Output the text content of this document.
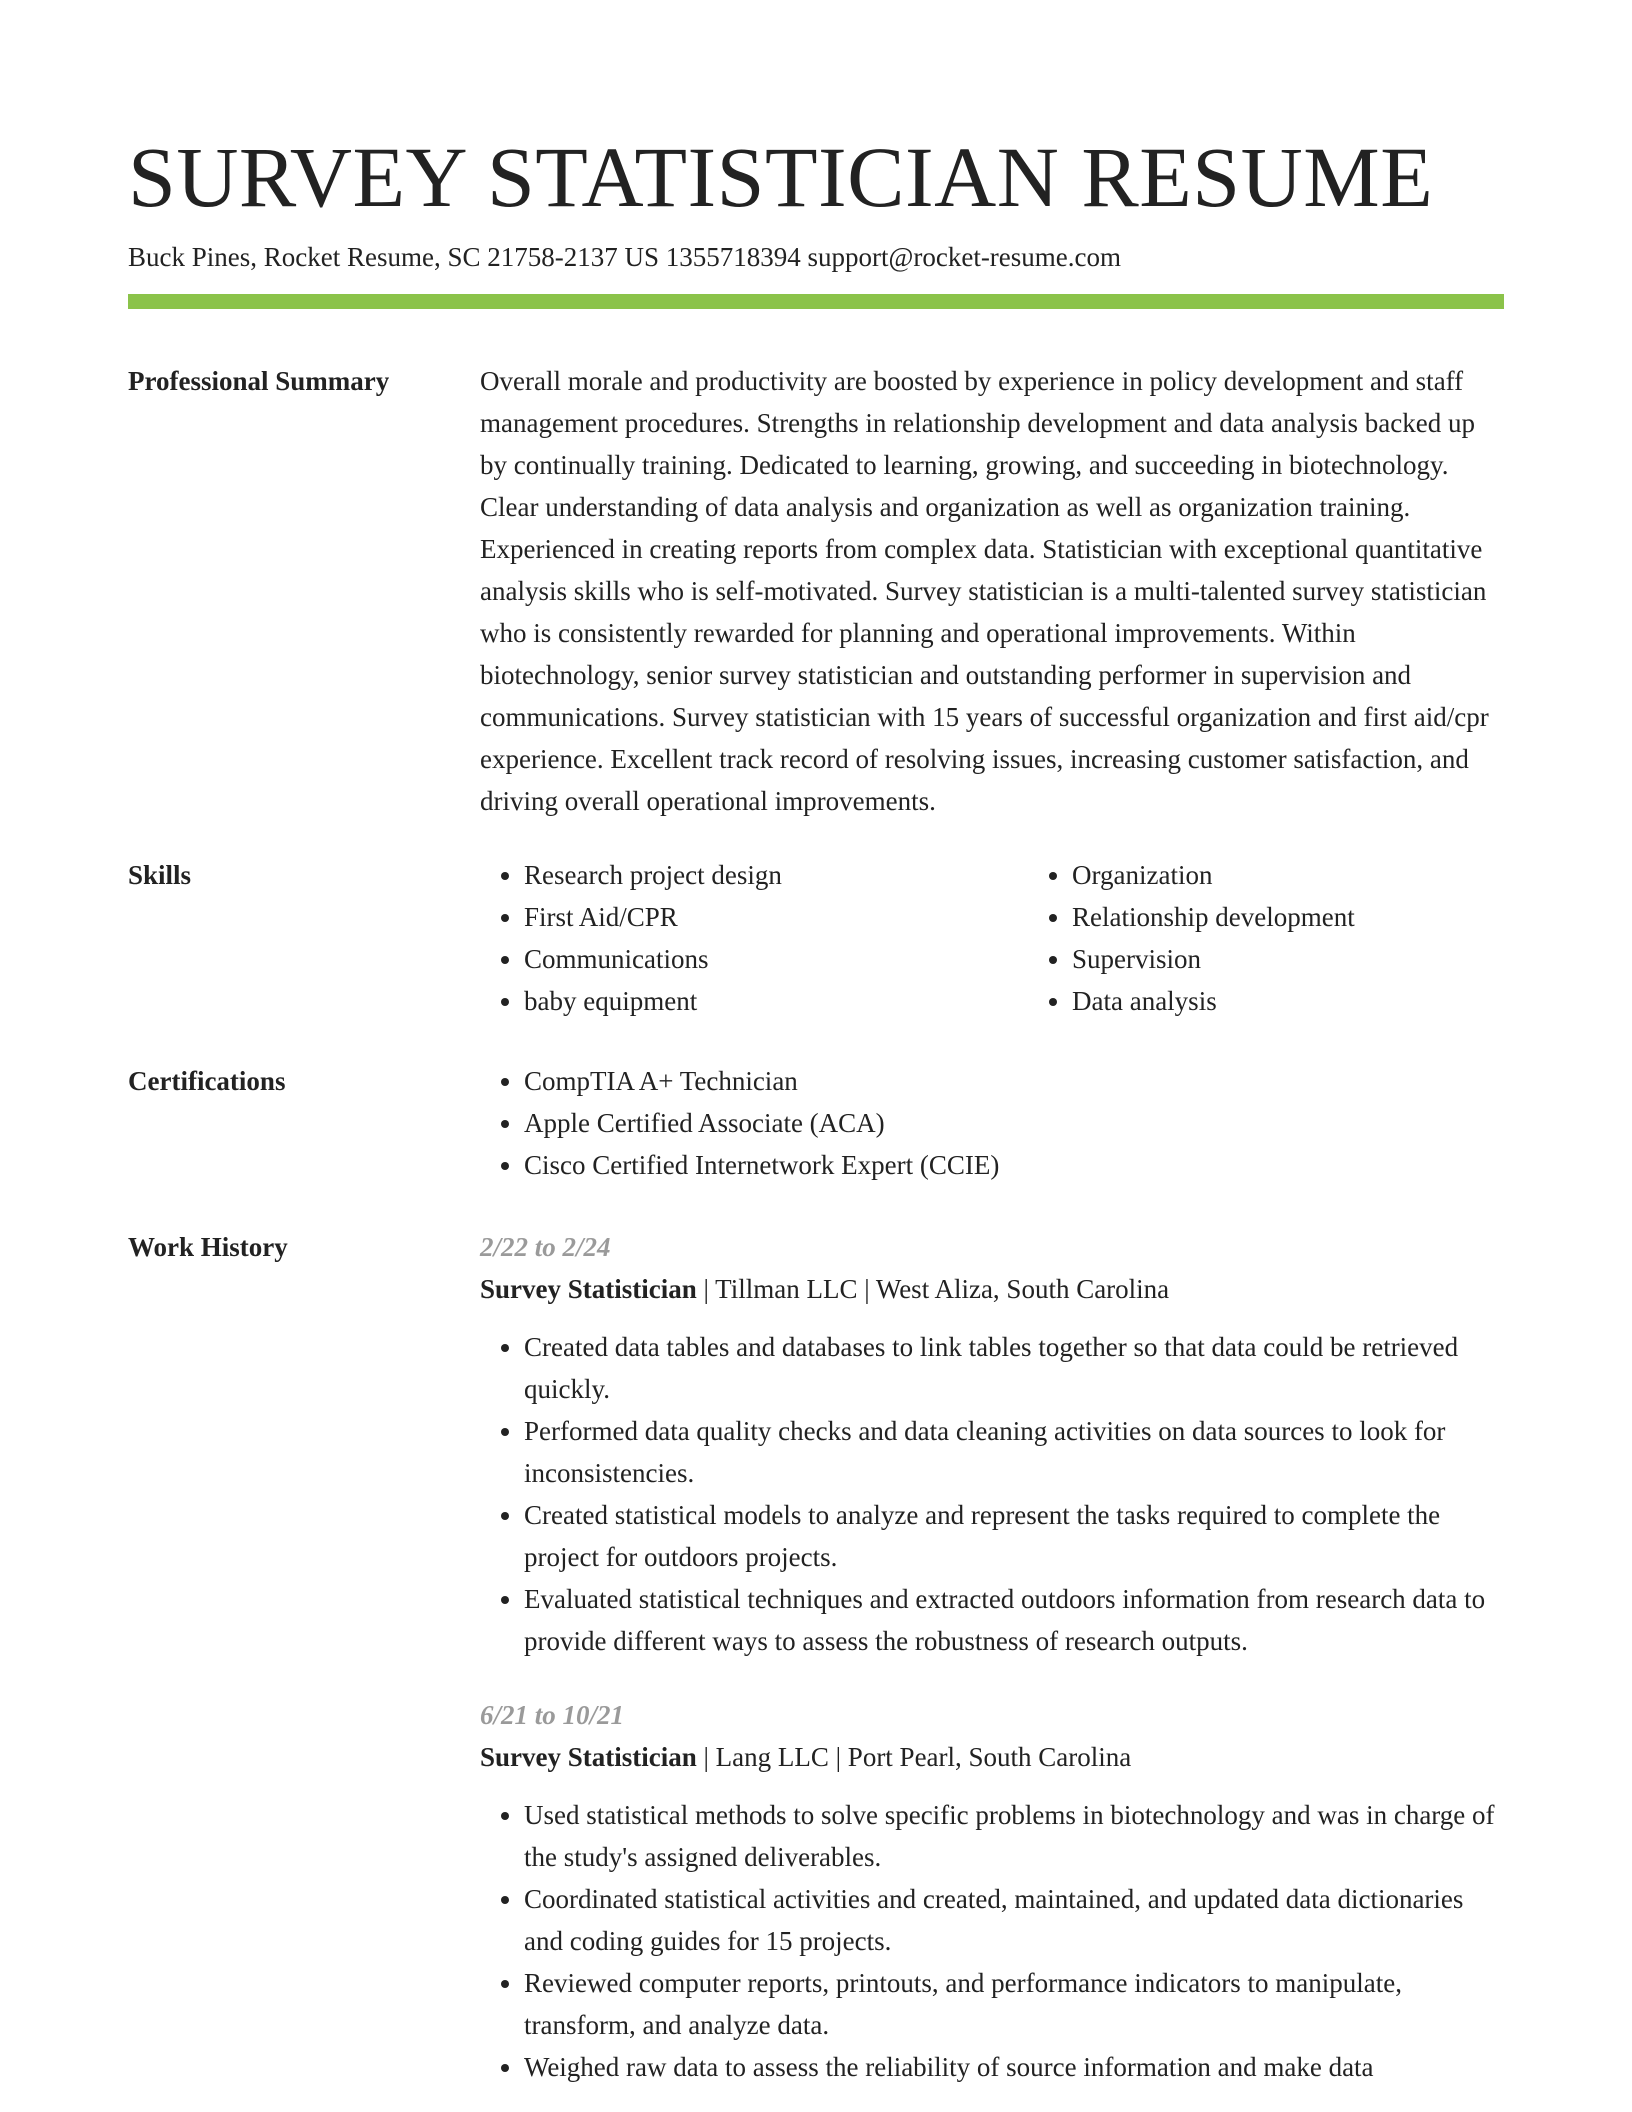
SURVEY STATISTICIAN RESUME
Buck Pines, Rocket Resume, SC 21758-2137 US 1355718394 support@rocket-resume.com
Professional Summary	Overall morale and productivity are boosted by experience in policy development and staff management procedures. Strengths in relationship development and data analysis backed up by continually training. Dedicated to learning, growing, and succeeding in biotechnology. Clear understanding of data analysis and organization as well as organization training. Experienced in creating reports from complex data. Statistician with exceptional quantitative analysis skills who is self-motivated. Survey statistician is a multi-talented survey statistician who is consistently rewarded for planning and operational improvements. Within biotechnology, senior survey statistician and outstanding performer in supervision and communications. Survey statistician with 15 years of successful organization and first aid/cpr experience. Excellent track record of resolving issues, increasing customer satisfaction, and driving overall operational improvements.

Skills	• Research project design
• First Aid/CPR
• Communications
• baby equipment
• Organization
• Relationship development
• Supervision
• Data analysis
Certifications	• CompTIA A+ Technician
• Apple Certified Associate (ACA)
• Cisco Certified Internetwork Expert (CCIE)
Work History	2/22 to 2/24
Survey Statistician | Tillman LLC | West Aliza, South Carolina
• Created data tables and databases to link tables together so that data could be retrieved quickly.
• Performed data quality checks and data cleaning activities on data sources to look for inconsistencies.
• Created statistical models to analyze and represent the tasks required to complete the project for outdoors projects.
• Evaluated statistical techniques and extracted outdoors information from research data to provide different ways to assess the robustness of research outputs.
6/21 to 10/21
Survey Statistician | Lang LLC | Port Pearl, South Carolina
• Used statistical methods to solve specific problems in biotechnology and was in charge of the study's assigned deliverables.
• Coordinated statistical activities and created, maintained, and updated data dictionaries and coding guides for 15 projects.
• Reviewed computer reports, printouts, and performance indicators to manipulate, transform, and analyze data.
• Weighed raw data to assess the reliability of source information and make data
